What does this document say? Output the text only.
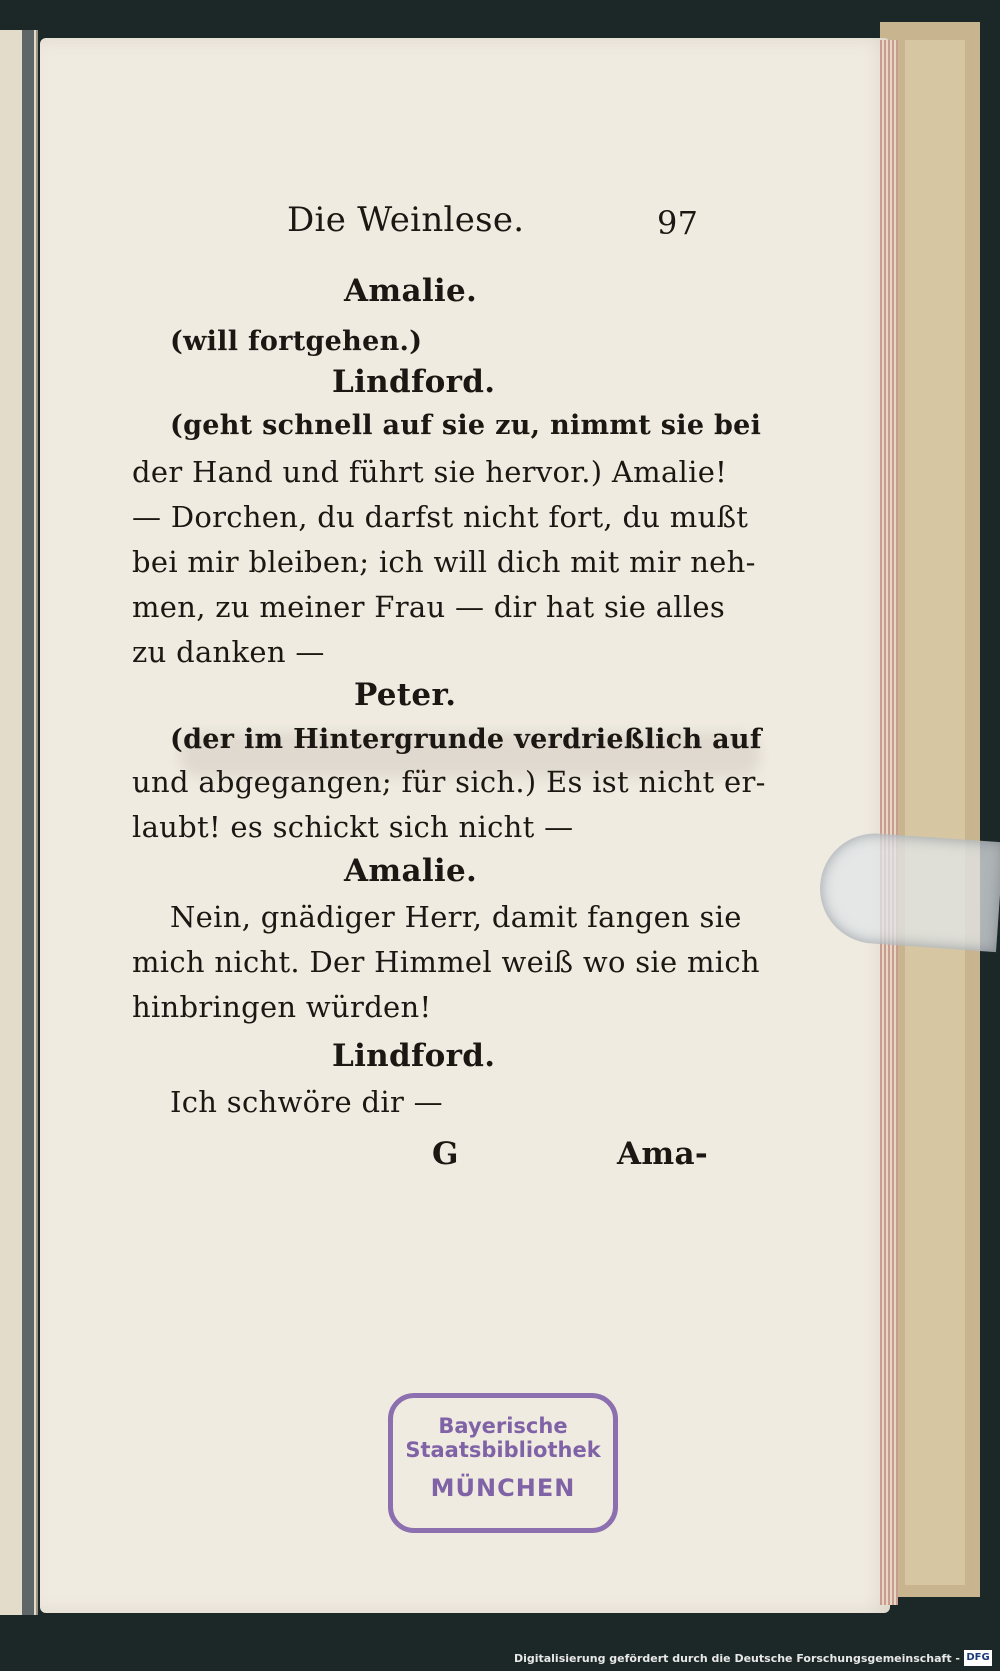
Die Weinlese.	97
Amalie.
(will fortgehen.)
Lindford.
(geht schnell auf sie zu, nimmt sie bei
der Hand und führt sie hervor.) Amalie!
— Dorchen, du darfst nicht fort, du mußt
bei mir bleiben; ich will dich mit mir neh-
men, zu meiner Frau — dir hat sie alles
zu danken —
Peter.
(der im Hintergrunde verdrießlich auf
und abgegangen; für sich.) Es ist nicht er-
laubt! es schickt sich nicht —
Amalie.
Nein, gnädiger Herr, damit fangen sie
mich nicht. Der Himmel weiß wo sie mich
hinbringen würden!
Lindford.
Ich schwöre dir —
G	Ama-
Bayerische
Staatsbibliothek
MÜNCHEN
Digitalisierung gefördert durch die Deutsche Forschungsgemeinschaft - DFG
